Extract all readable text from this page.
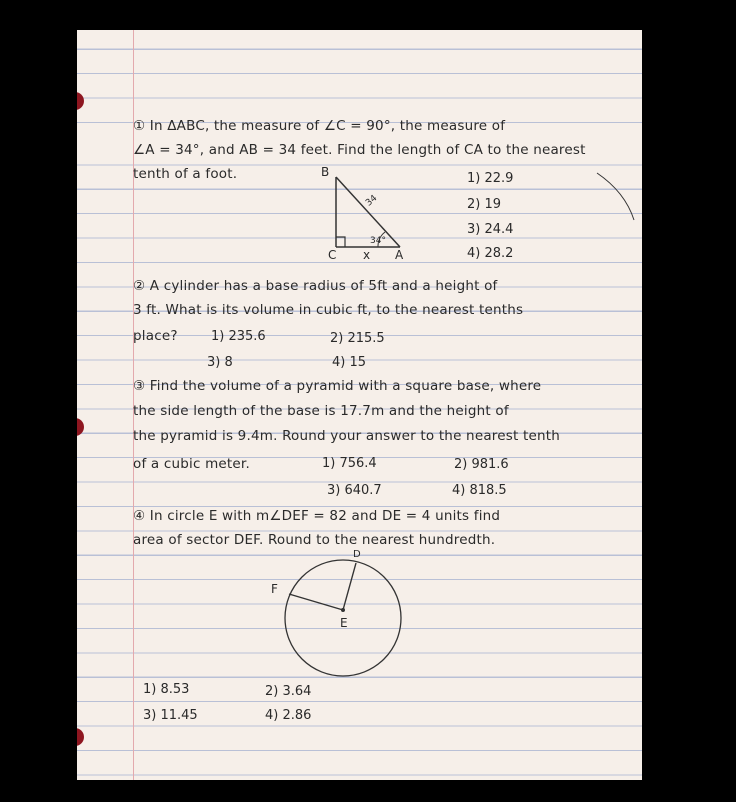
① In ΔABC, the measure of ∠C = 90°, the measure of
∠A = 34°, and AB = 34 feet. Find the length of CA to the nearest
tenth of a foot.	1) 22.9
2) 19
3) 24.4
4) 28.2
B
C	A
x
34
34°
② A cylinder has a base radius of 5ft and a height of
3 ft. What is its volume in cubic ft, to the nearest tenths
place?	1) 235.6	2) 215.5
3) 8	4) 15
③ Find the volume of a pyramid with a square base, where
the side length of the base is 17.7m and the height of
the pyramid is 9.4m. Round your answer to the nearest tenth
of a cubic meter.	1) 756.4	2) 981.6
3) 640.7	4) 818.5
④ In circle E with m∠DEF = 82 and DE = 4 units find
area of sector DEF. Round to the nearest hundredth.
D
E
F
1) 8.53	2) 3.64
3) 11.45	4) 2.86
